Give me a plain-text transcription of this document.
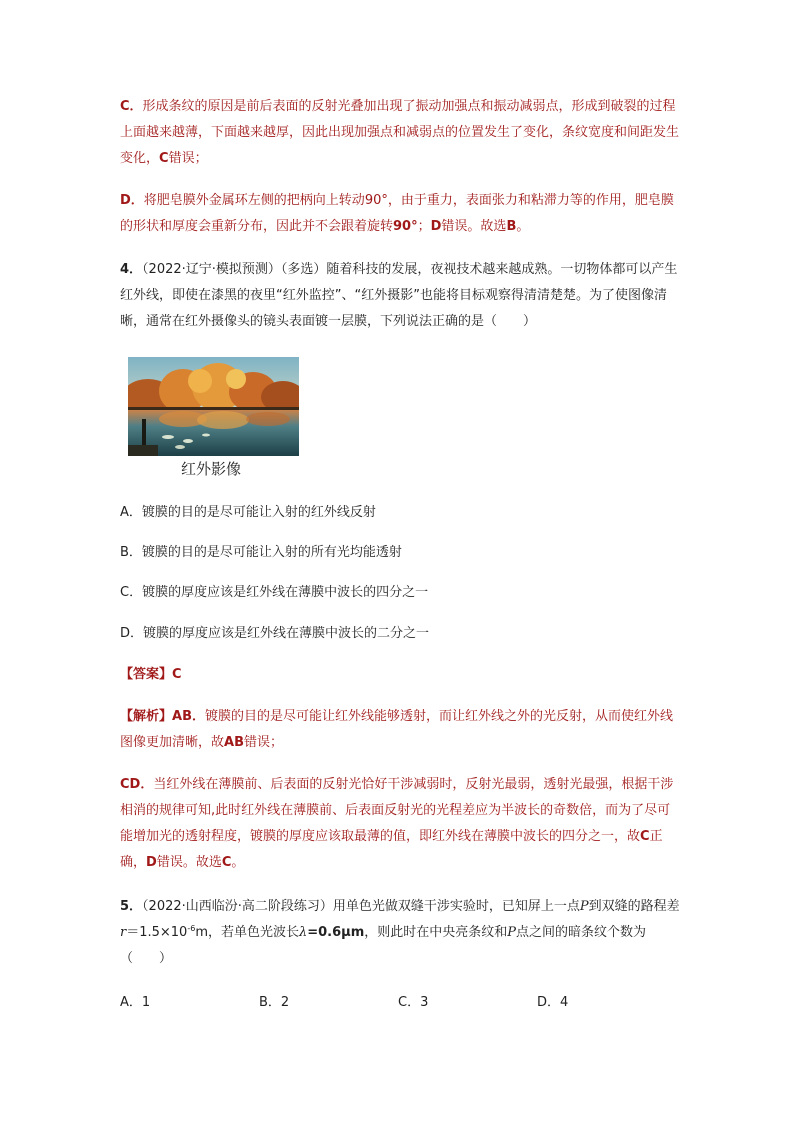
C．形成条纹的原因是前后表面的反射光叠加出现了振动加强点和振动减弱点，形成到破裂的过程上面越来越薄，下面越来越厚，因此出现加强点和减弱点的位置发生了变化，条纹宽度和间距发生变化，C错误；

D．将肥皂膜外金属环左侧的把柄向上转动90°，由于重力，表面张力和粘滞力等的作用，肥皂膜的形状和厚度会重新分布，因此并不会跟着旋转90°；D错误。故选B。

4．（2022·辽宁·模拟预测）（多选）随着科技的发展，夜视技术越来越成熟。一切物体都可以产生红外线，即使在漆黑的夜里“红外监控”、“红外摄影”也能将目标观察得清清楚楚。为了使图像清晰，通常在红外摄像头的镜头表面镀一层膜，下列说法正确的是（　　）

红外影像

A．镀膜的目的是尽可能让入射的红外线反射

B．镀膜的目的是尽可能让入射的所有光均能透射

C．镀膜的厚度应该是红外线在薄膜中波长的四分之一

D．镀膜的厚度应该是红外线在薄膜中波长的二分之一

【答案】C

【解析】AB．镀膜的目的是尽可能让红外线能够透射，而让红外线之外的光反射，从而使红外线图像更加清晰，故AB错误；

CD．当红外线在薄膜前、后表面的反射光恰好干涉减弱时，反射光最弱，透射光最强，根据干涉相消的规律可知,此时红外线在薄膜前、后表面反射光的光程差应为半波长的奇数倍，而为了尽可能增加光的透射程度，镀膜的厚度应该取最薄的值，即红外线在薄膜中波长的四分之一，故C正确，D错误。故选C。

5．（2022·山西临汾·高二阶段练习）用单色光做双缝干涉实验时，已知屏上一点P到双缝的路程差$r=1.5\times 10^{-6}m$，若单色光波长λ=0.6μm，则此时在中央亮条纹和P点之间的暗条纹个数为（　　）

A．1	B．2	C．3	D．4
